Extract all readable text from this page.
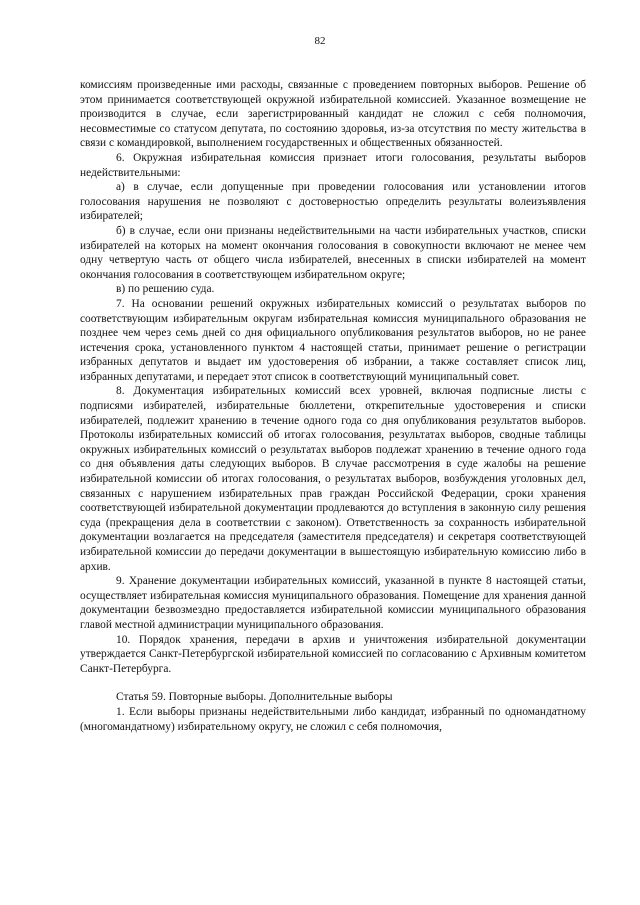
82

комиссиям произведенные ими расходы, связанные с проведением повторных выборов. Решение об этом принимается соответствующей окружной избирательной комиссией. Указанное возмещение не производится в случае, если зарегистрированный кандидат не сложил с себя полномочия, несовместимые со статусом депутата, по состоянию здоровья, из-за отсутствия по месту жительства в связи с командировкой, выполнением государственных и общественных обязанностей.

6. Окружная избирательная комиссия признает итоги голосования, результаты выборов недействительными:

а) в случае, если допущенные при проведении голосования или установлении итогов голосования нарушения не позволяют с достоверностью определить результаты волеизъявления избирателей;

б) в случае, если они признаны недействительными на части избирательных участков, списки избирателей на которых на момент окончания голосования в совокупности включают не менее чем одну четвертую часть от общего числа избирателей, внесенных в списки избирателей на момент окончания голосования в соответствующем избирательном округе;

в) по решению суда.

7. На основании решений окружных избирательных комиссий о результатах выборов по соответствующим избирательным округам избирательная комиссия муниципального образования не позднее чем через семь дней со дня официального опубликования результатов выборов, но не ранее истечения срока, установленного пунктом 4 настоящей статьи, принимает решение о регистрации избранных депутатов и выдает им удостоверения об избрании, а также составляет список лиц, избранных депутатами, и передает этот список в соответствующий муниципальный совет.

8. Документация избирательных комиссий всех уровней, включая подписные листы с подписями избирателей, избирательные бюллетени, открепительные удостоверения и списки избирателей, подлежит хранению в течение одного года со дня опубликования результатов выборов. Протоколы избирательных комиссий об итогах голосования, результатах выборов, сводные таблицы окружных избирательных комиссий о результатах выборов подлежат хранению в течение одного года со дня объявления даты следующих выборов. В случае рассмотрения в суде жалобы на решение избирательной комиссии об итогах голосования, о результатах выборов, возбуждения уголовных дел, связанных с нарушением избирательных прав граждан Российской Федерации, сроки хранения соответствующей избирательной документации продлеваются до вступления в законную силу решения суда (прекращения дела в соответствии с законом). Ответственность за сохранность избирательной документации возлагается на председателя (заместителя председателя) и секретаря соответствующей избирательной комиссии до передачи документации в вышестоящую избирательную комиссию либо в архив.

9. Хранение документации избирательных комиссий, указанной в пункте 8 настоящей статьи, осуществляет избирательная комиссия муниципального образования. Помещение для хранения данной документации безвозмездно предоставляется избирательной комиссии муниципального образования главой местной администрации муниципального образования.

10. Порядок хранения, передачи в архив и уничтожения избирательной документации утверждается Санкт-Петербургской избирательной комиссией по согласованию с Архивным комитетом Санкт-Петербурга.

Статья 59. Повторные выборы. Дополнительные выборы

1. Если выборы признаны недействительными либо кандидат, избранный по одномандатному (многомандатному) избирательному округу, не сложил с себя полномочия,
